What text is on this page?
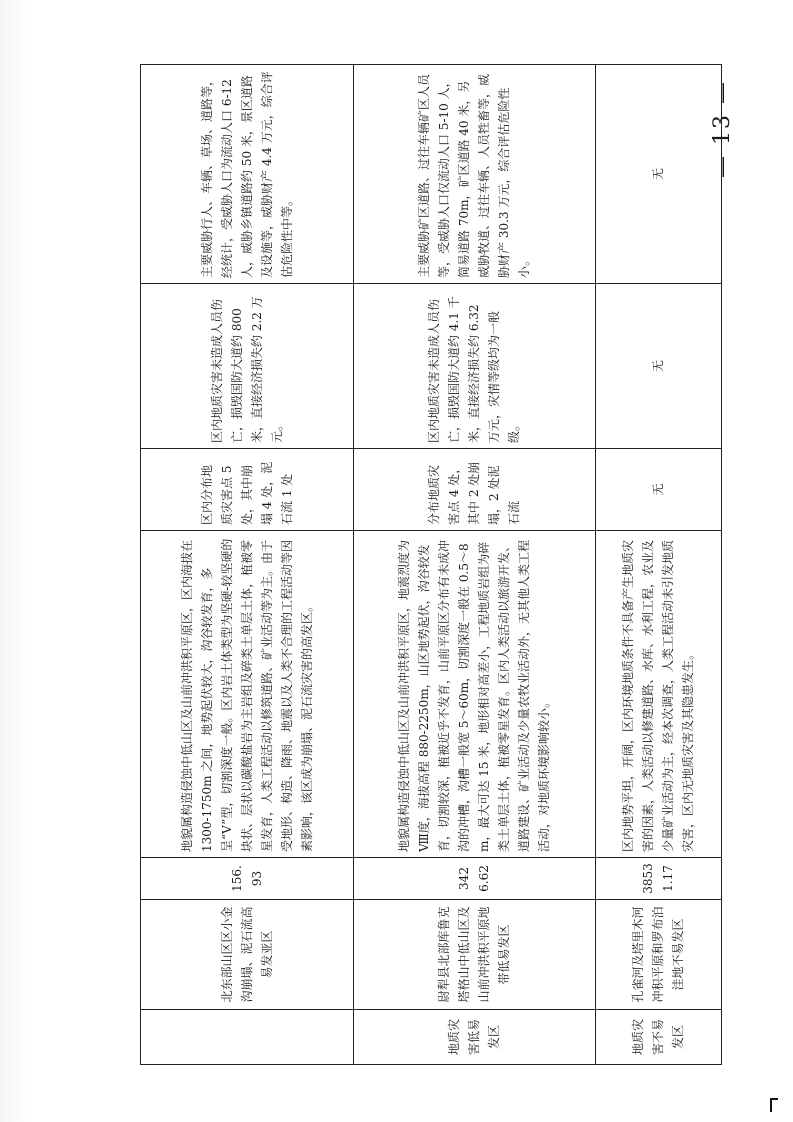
	北东部山区区小金沟崩塌、泥石流高易发亚区	156.93	地貌属构造侵蚀中低山区及山前冲洪积平原区，区内海拔在 1300-1750m 之间，地势起伏较大，沟谷较发育，多呈“V”型，切割深度一般。区内岩土体类型为坚硬-较坚硬的块状、层状以碳酸盐岩为主岩组及碎类土单层土体，植被零星发育，人类工程活动以修筑道路、矿业活动等为主。由于受地形、构造、降雨、地震以及人类不合理的工程活动等因素影响，该区成为崩塌、泥石流灾害的高发区。	区内分布地质灾害点 5 处，其中崩塌 4 处，泥石流 1 处	区内地质灾害未造成人员伤亡，损毁国防大道约 800 米，直接经济损失约 2.2 万元。	主要威胁行人、车辆、草场、道路等，经统计，受威胁人口为流动人口 6-12 人，威胁乡镇道路约 50 米，景区道路及设施等，威胁财产 4.4 万元，综合评估危险性中等。
地质灾害低易发区	尉犁县北部库鲁克塔格山中低山区及山前冲洪积平原地带低易发区	3426.62	地貌属构造侵蚀中低山区及山前冲洪积平原区，地震烈度为Ⅷ度，海拔高程 880-2250m，山区地势起伏，沟谷较发育，切割较深，植被近乎不发育，山前平原区分布有未成冲沟的冲槽，沟槽一般宽 5～60m，切割深度一般在 0.5～8m，最大可达 15 米，地形相对高差小，工程地质岩组为碎类土单层土体，植被零星发育。区内人类活动以旅游开发、道路建设、矿业活动及少量农牧业活动外，无其他人类工程活动，对地质环境影响较小。	分布地质灾害点 4 处，其中 2 处崩塌，2 处泥石流	区内地质灾害未造成人员伤亡，损毁国防大道约 4.1 千米，直接经济损失约 6.32 万元，灾情等级均为一般级。	主要威胁矿区道路、过往车辆矿区人员等，受威胁人口仅流动人口 5-10 人，简易道路 70m，矿区道路 40 米，另威胁牧道、过往车辆、人员牲畜等，威胁财产 30.3 万元，综合评估危险性小。
地质灾害不易发区	孔雀河及塔里木河冲积平原和罗布泊洼地不易发区	38531.17	区内地势平坦，开阔，区内环境地质条件不具备产生地质灾害的因素，人类活动以修建道路、水库、水利工程，农业及少量矿业活动为主，经本次调查，人类工程活动未引发地质灾害，区内无地质灾害及其隐患发生。	无	无	无	— 13 —
